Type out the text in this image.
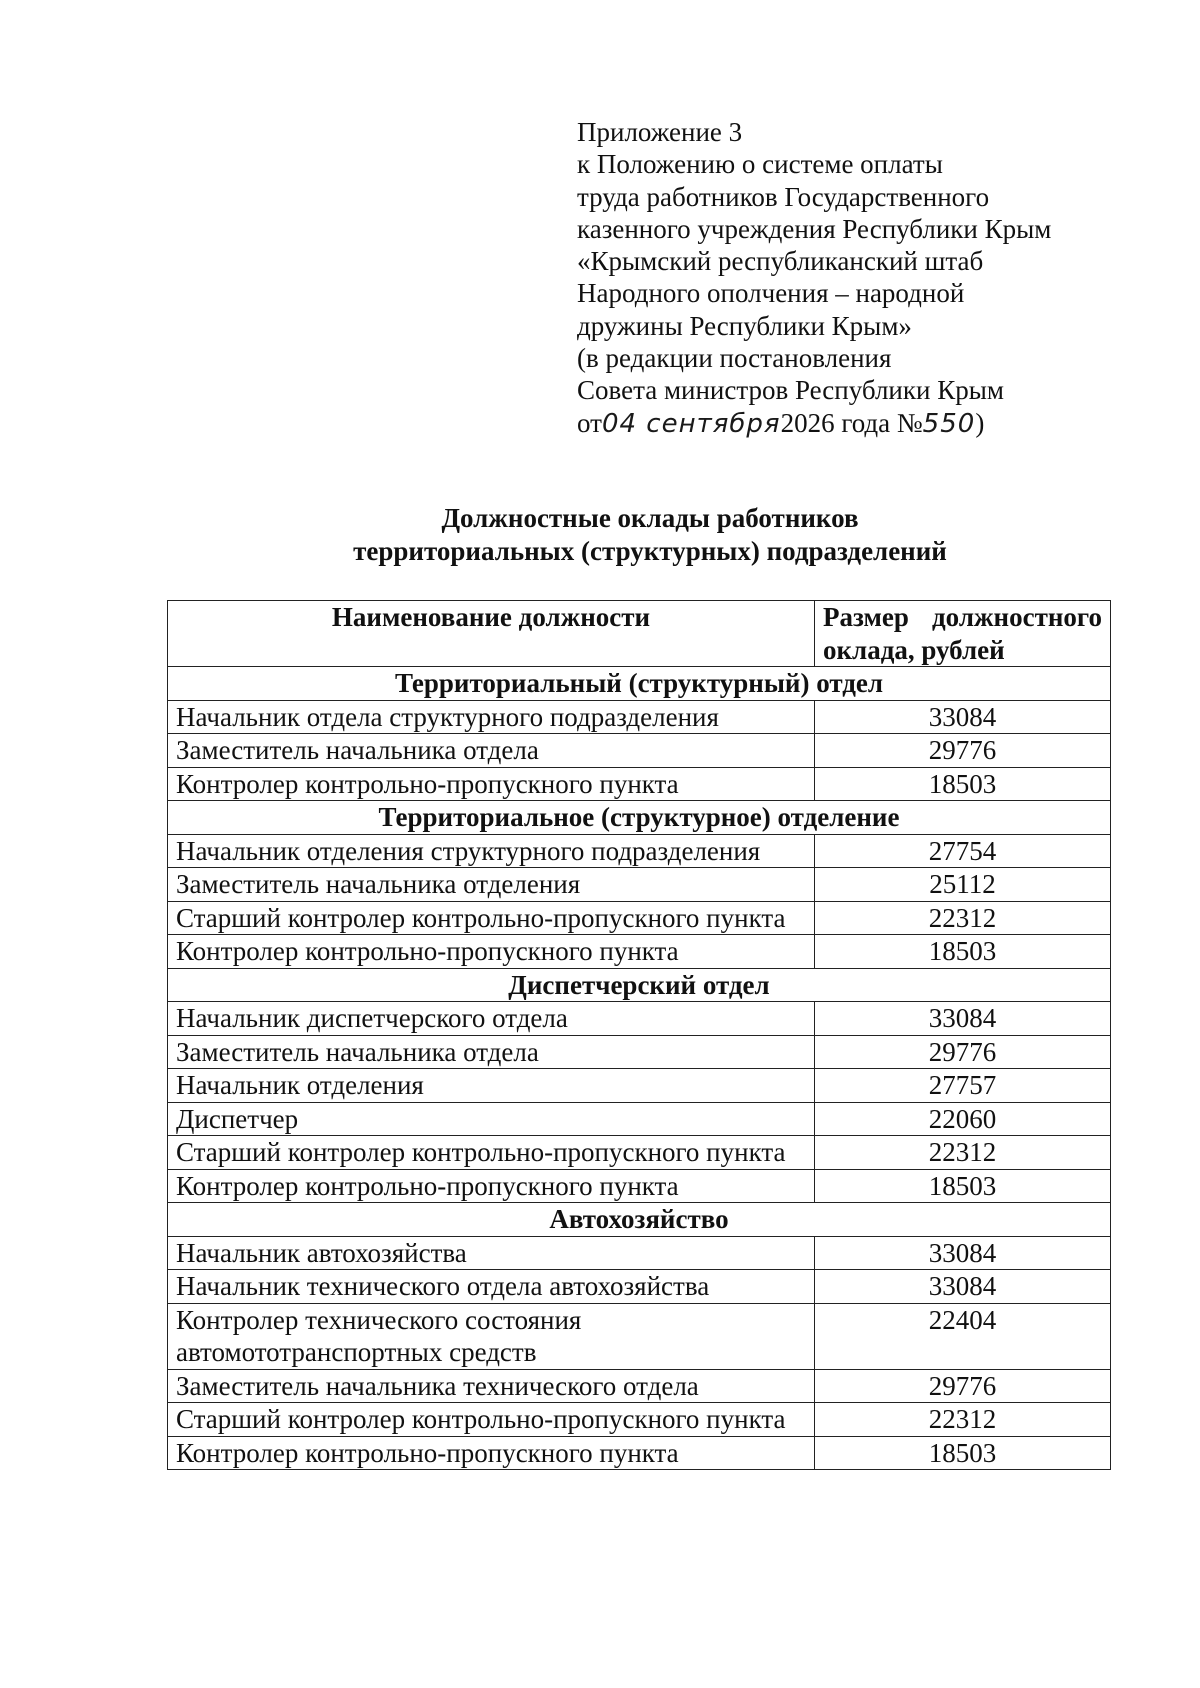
Приложение 3
к Положению о системе оплаты
труда работников Государственного
казенного учреждения Республики Крым
«Крымский республиканский штаб
Народного ополчения – народной
дружины Республики Крым»
(в редакции постановления
Совета министров Республики Крым
от04 сентября2026 года №550)
Должностные оклады работников
территориальных (структурных) подразделений
Наименование должности	Размер должностного
оклада, рублей

Территориальный (структурный) отдел	
Начальник отдела структурного подразделения	33084
Заместитель начальника отдела	29776
Контролер контрольно-пропускного пункта	18503
Территориальное (структурное) отделение	
Начальник отделения структурного подразделения	27754
Заместитель начальника отделения	25112
Старший контролер контрольно-пропускного пункта	22312
Контролер контрольно-пропускного пункта	18503
Диспетчерский отдел	
Начальник диспетчерского отдела	33084
Заместитель начальника отдела	29776
Начальник отделения	27757
Диспетчер	22060
Старший контролер контрольно-пропускного пункта	22312
Контролер контрольно-пропускного пункта	18503
Автохозяйство	
Начальник автохозяйства	33084
Начальник технического отдела автохозяйства	33084
Контролер технического состояния автомототранспортных средств	22404
Заместитель начальника технического отдела	29776
Старший контролер контрольно-пропускного пункта	22312
Контролер контрольно-пропускного пункта	18503
